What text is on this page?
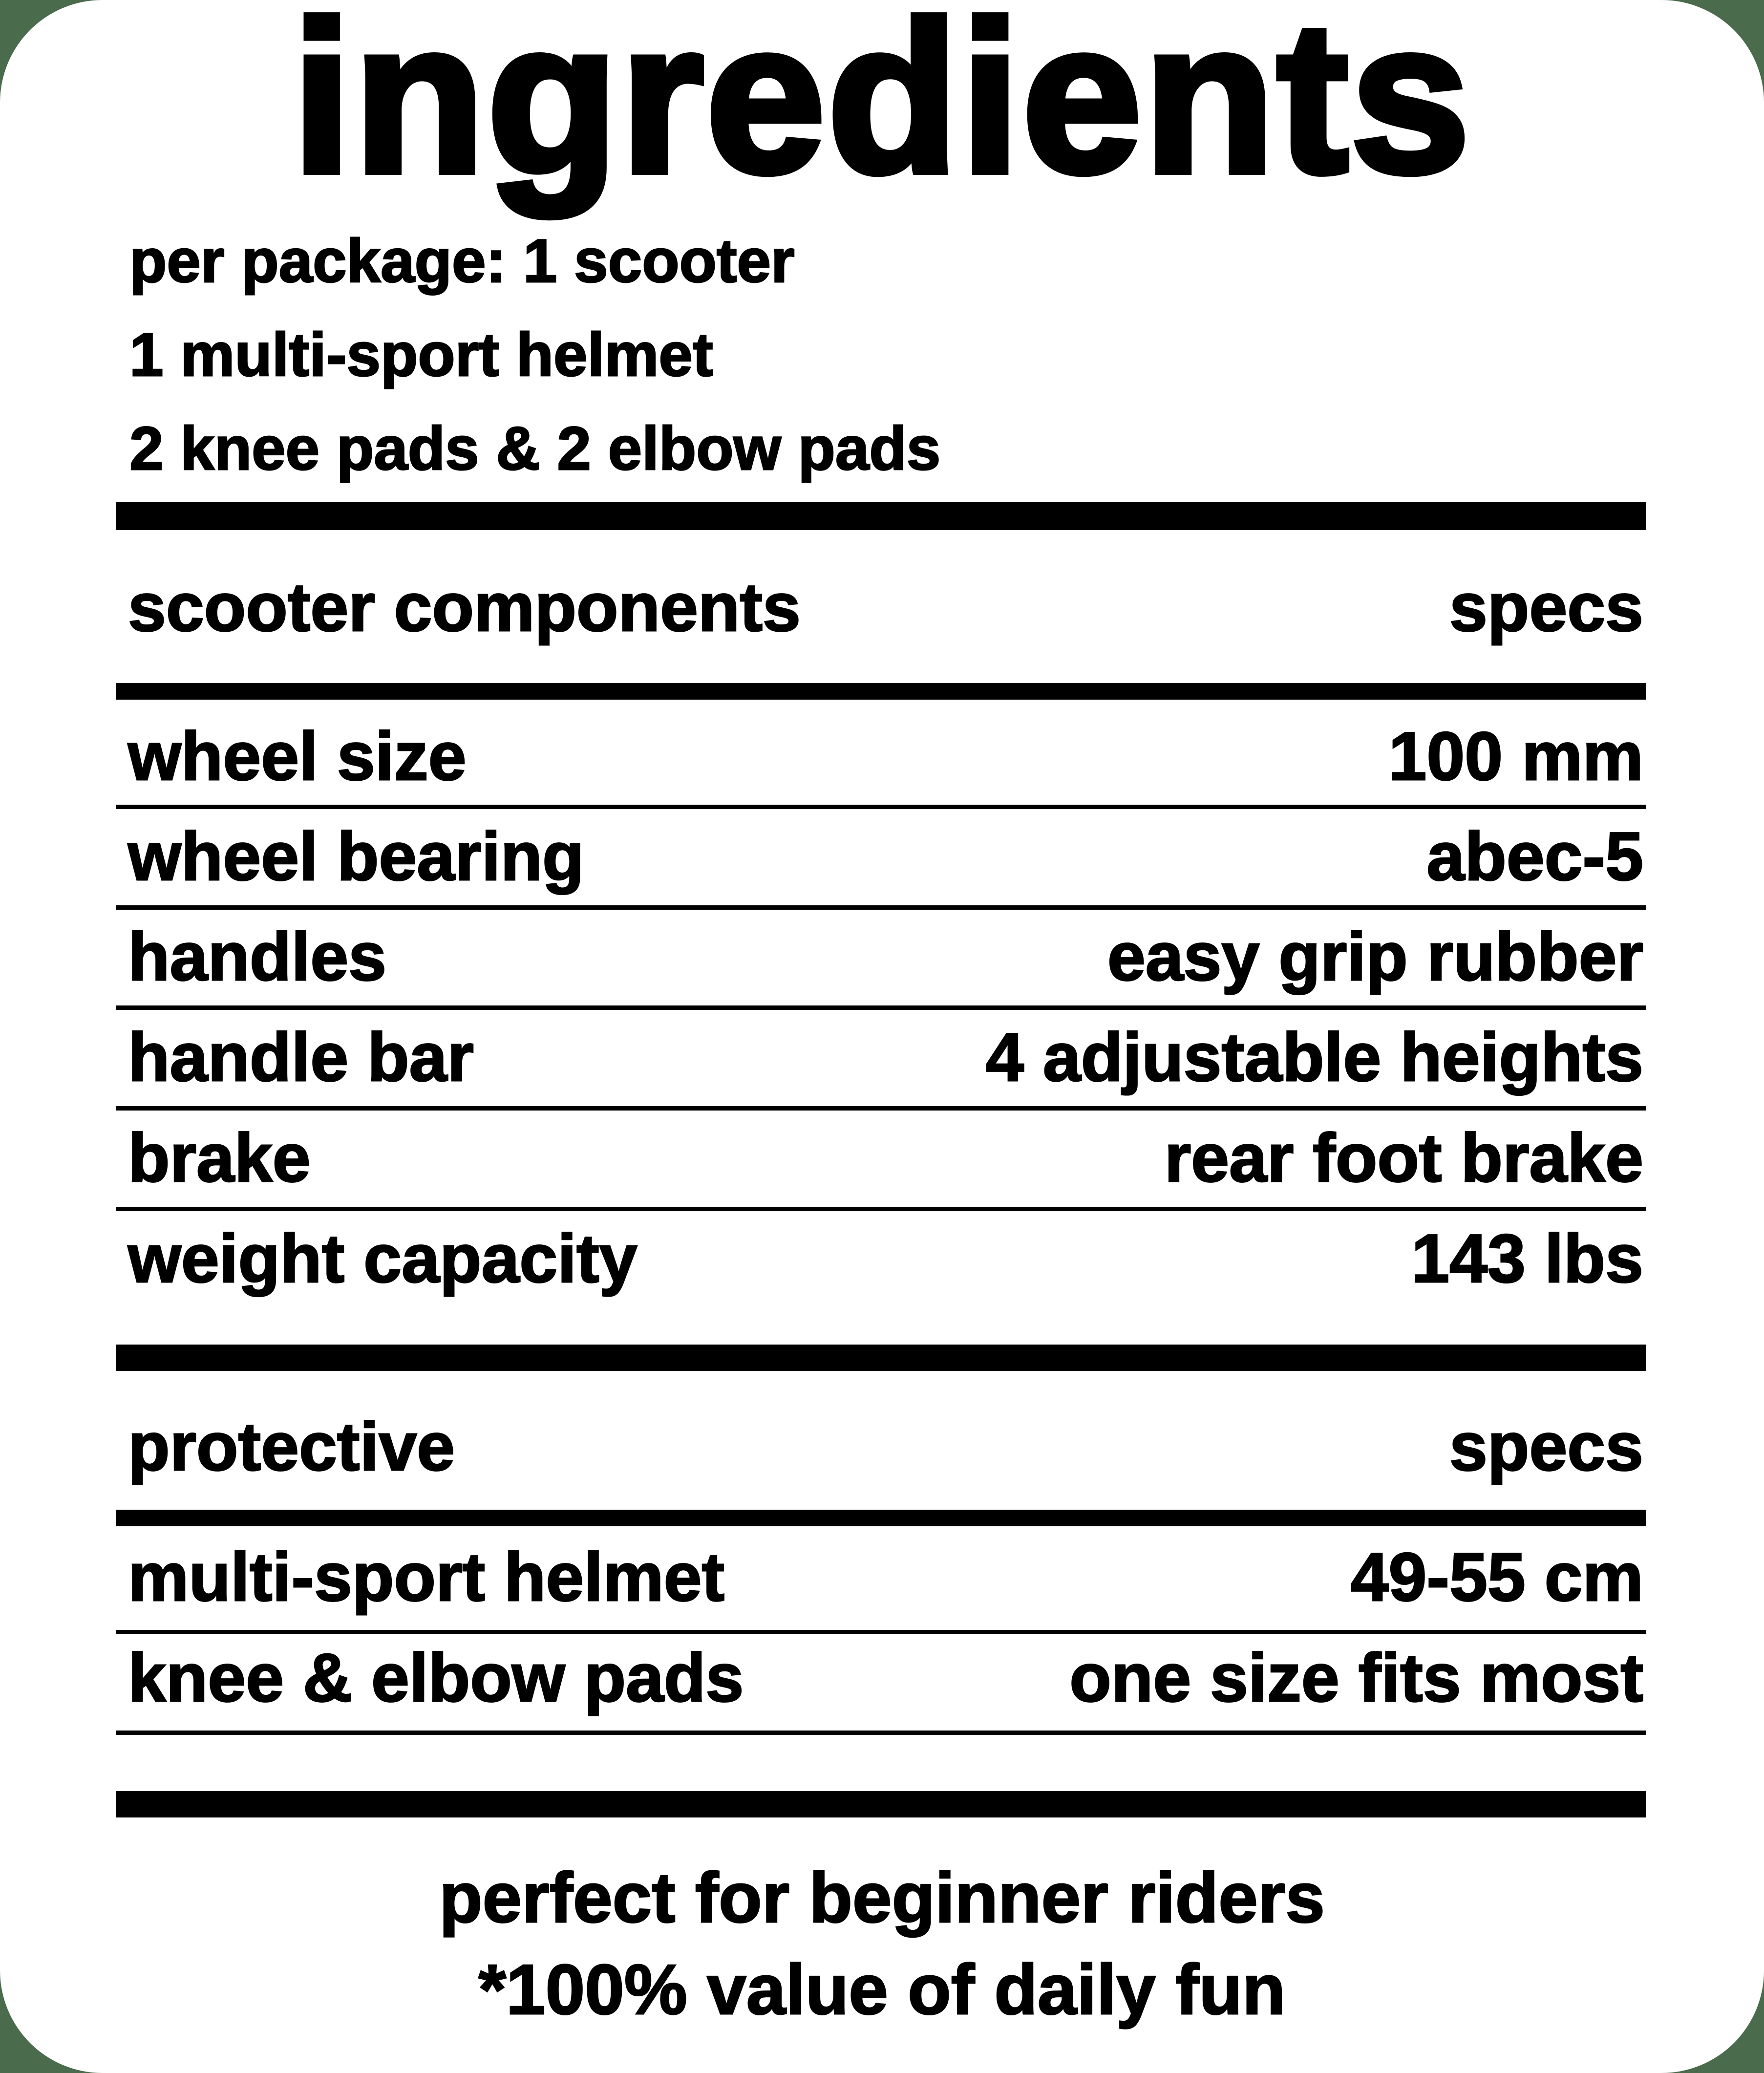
ingredients
per package: 1 scooter
1 multi-sport helmet
2 knee pads & 2 elbow pads
scooter components	specs
wheel size	100 mm
wheel bearing	abec-5
handles	easy grip rubber
handle bar	4 adjustable heights
brake	rear foot brake
weight capacity	143 lbs
protective	specs
multi-sport helmet	49-55 cm
knee & elbow pads	one size fits most
perfect for beginner riders
*100% value of daily fun
